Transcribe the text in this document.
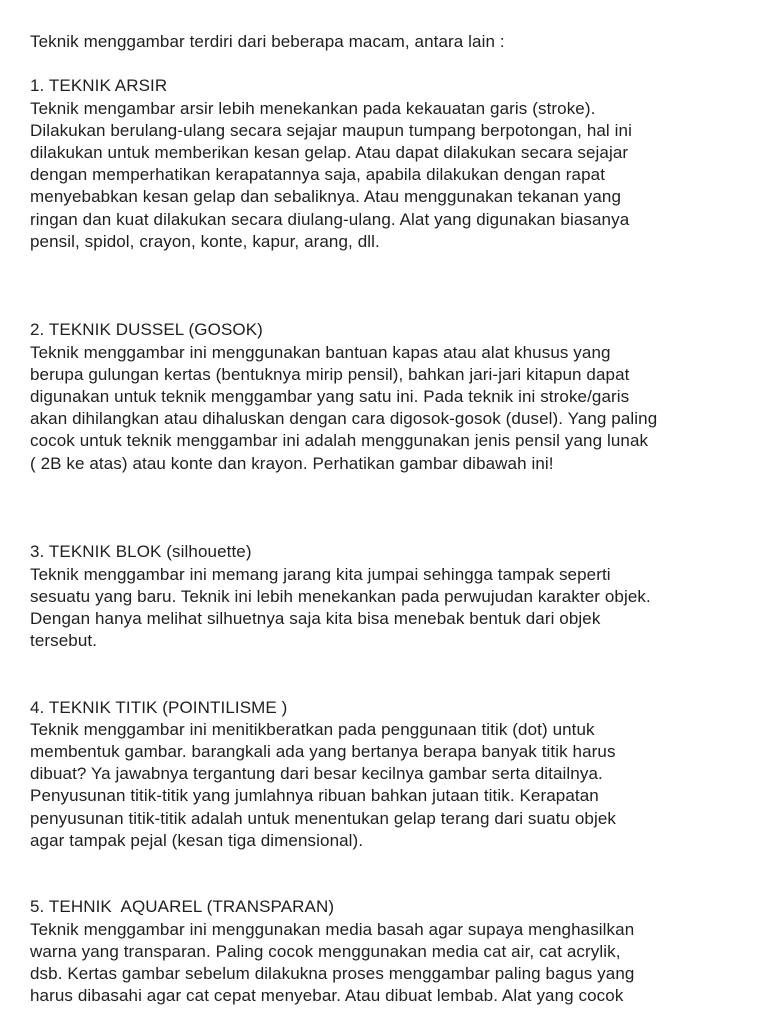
Teknik menggambar terdiri dari beberapa macam, antara lain :
1. TEKNIK ARSIR
Teknik mengambar arsir lebih menekankan pada kekauatan garis (stroke).
Dilakukan berulang-ulang secara sejajar maupun tumpang berpotongan, hal ini
dilakukan untuk memberikan kesan gelap. Atau dapat dilakukan secara sejajar
dengan memperhatikan kerapatannya saja, apabila dilakukan dengan rapat
menyebabkan kesan gelap dan sebaliknya. Atau menggunakan tekanan yang
ringan dan kuat dilakukan secara diulang-ulang. Alat yang digunakan biasanya
pensil, spidol, crayon, konte, kapur, arang, dll.
2. TEKNIK DUSSEL (GOSOK)
Teknik menggambar ini menggunakan bantuan kapas atau alat khusus yang
berupa gulungan kertas (bentuknya mirip pensil), bahkan jari-jari kitapun dapat
digunakan untuk teknik menggambar yang satu ini. Pada teknik ini stroke/garis
akan dihilangkan atau dihaluskan dengan cara digosok-gosok (dusel). Yang paling
cocok untuk teknik menggambar ini adalah menggunakan jenis pensil yang lunak
( 2B ke atas) atau konte dan krayon. Perhatikan gambar dibawah ini!
3. TEKNIK BLOK (silhouette)
Teknik menggambar ini memang jarang kita jumpai sehingga tampak seperti
sesuatu yang baru. Teknik ini lebih menekankan pada perwujudan karakter objek.
Dengan hanya melihat silhuetnya saja kita bisa menebak bentuk dari objek
tersebut.
4. TEKNIK TITIK (POINTILISME )
Teknik menggambar ini menitikberatkan pada penggunaan titik (dot) untuk
membentuk gambar. barangkali ada yang bertanya berapa banyak titik harus
dibuat? Ya jawabnya tergantung dari besar kecilnya gambar serta ditailnya.
Penyusunan titik-titik yang jumlahnya ribuan bahkan jutaan titik. Kerapatan
penyusunan titik-titik adalah untuk menentukan gelap terang dari suatu objek
agar tampak pejal (kesan tiga dimensional).
5. TEHNIK  AQUAREL (TRANSPARAN)
Teknik menggambar ini menggunakan media basah agar supaya menghasilkan
warna yang transparan. Paling cocok menggunakan media cat air, cat acrylik,
dsb. Kertas gambar sebelum dilakukna proses menggambar paling bagus yang
harus dibasahi agar cat cepat menyebar. Atau dibuat lembab. Alat yang cocok
